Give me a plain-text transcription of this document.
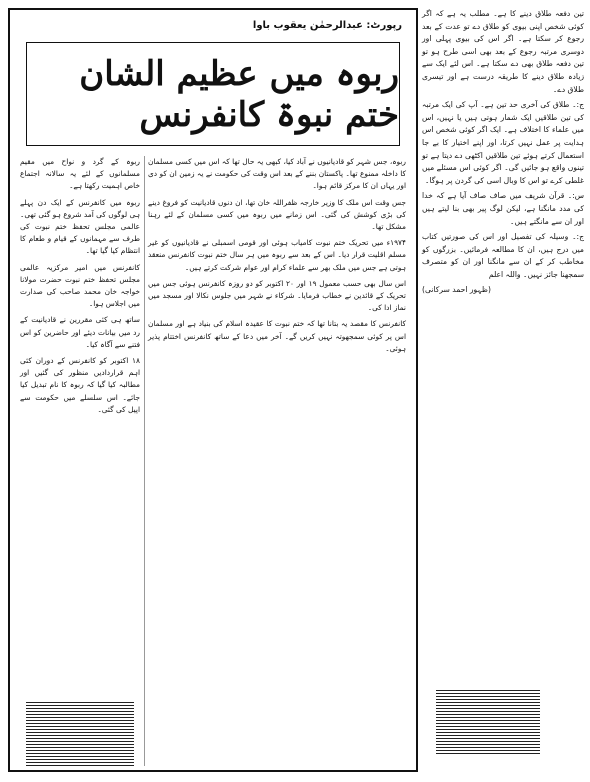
تین دفعہ طلاق دینے کا ہے۔ مطلب یہ ہے کہ اگر کوئی شخص اپنی بیوی کو طلاق دے تو عدت کے بعد رجوع کر سکتا ہے۔ اگر اس کی بیوی پہلی اور دوسری مرتبہ رجوع کے بعد بھی اسی طرح ہو تو تین دفعہ طلاق بھی دے سکتا ہے۔ اس لئے ایک سے زیادہ طلاق دینے کا طریقہ درست ہے اور تیسری طلاق دے۔

ج:۔ طلاق کی آخری حد تین ہے۔ آپ کی ایک مرتبہ کی تین طلاقیں ایک شمار ہوتی ہیں یا نہیں، اس میں علماء کا اختلاف ہے۔ ایک اگر کوئی شخص اس ہدایت پر عمل نہیں کرتا، اور اپنے اختیار کا بے جا استعمال کرتے ہوئے تین طلاقیں اکٹھی دے دیتا ہے تو تینوں واقع ہو جائیں گی۔ اگر کوئی اس مسئلے میں غلطی کرے تو اس کا وبال اسی کی گردن پر ہوگا۔

س:۔ قرآن شریف میں صاف صاف آیا ہے کہ خدا کی مدد مانگنا ہے، لیکن لوگ پیر بھی بنا لیتے ہیں اور ان سے مانگتے ہیں۔

ج:۔ وسیلہ کی تفصیل اور اس کی صورتیں کتاب میں درج ہیں، ان کا مطالعہ فرمائیں۔ بزرگوں کو مخاطب کر کے ان سے مانگنا اور ان کو متصرف سمجھنا جائز نہیں۔ واللہ اعلم

(ظہور احمد سرکانی)

رپورٹ: عبدالرحمٰن یعقوب باوا
ربوہ میں عظیم الشان ختم نبوۃ کانفرنس

ربوہ، جس شہر کو قادیانیوں نے آباد کیا، کبھی یہ حال تھا کہ اس میں کسی مسلمان کا داخلہ ممنوع تھا۔ پاکستان بننے کے بعد اس وقت کی حکومت نے یہ زمین ان کو دی اور یہاں ان کا مرکز قائم ہوا۔

جس وقت اس ملک کا وزیر خارجہ ظفراللہ خان تھا، ان دنوں قادیانیت کو فروغ دینے کی بڑی کوشش کی گئی۔ اس زمانے میں ربوہ میں کسی مسلمان کے لئے رہنا مشکل تھا۔

۱۹۷۴ء میں تحریک ختم نبوت کامیاب ہوئی اور قومی اسمبلی نے قادیانیوں کو غیر مسلم اقلیت قرار دیا۔ اس کے بعد سے ربوہ میں ہر سال ختم نبوت کانفرنس منعقد ہوتی ہے جس میں ملک بھر سے علماء کرام اور عوام شرکت کرتے ہیں۔

اس سال بھی حسب معمول ۱۹ اور ۲۰ اکتوبر کو دو روزہ کانفرنس ہوئی جس میں تحریک کے قائدین نے خطاب فرمایا۔ شرکاء نے شہر میں جلوس نکالا اور مسجد میں نماز ادا کی۔

کانفرنس کا مقصد یہ بتانا تھا کہ ختم نبوت کا عقیدہ اسلام کی بنیاد ہے اور مسلمان اس پر کوئی سمجھوتہ نہیں کریں گے۔ آخر میں دعا کے ساتھ کانفرنس اختتام پذیر ہوئی۔

ربوہ کے گرد و نواح میں مقیم مسلمانوں کے لئے یہ سالانہ اجتماع خاص اہمیت رکھتا ہے۔

ربوہ میں کانفرنس کے ایک دن پہلے ہی لوگوں کی آمد شروع ہو گئی تھی۔ عالمی مجلس تحفظ ختم نبوت کی طرف سے مہمانوں کے قیام و طعام کا انتظام کیا گیا تھا۔

کانفرنس میں امیر مرکزیہ عالمی مجلس تحفظ ختم نبوت حضرت مولانا خواجہ خان محمد صاحب کی صدارت میں اجلاس ہوا۔

ساتھ ہی کئی مقررین نے قادیانیت کے رد میں بیانات دیئے اور حاضرین کو اس فتنے سے آگاہ کیا۔

۱۸ اکتوبر کو کانفرنس کے دوران کئی اہم قراردادیں منظور کی گئیں اور مطالبہ کیا گیا کہ ربوہ کا نام تبدیل کیا جائے۔ اس سلسلے میں حکومت سے اپیل کی گئی۔
